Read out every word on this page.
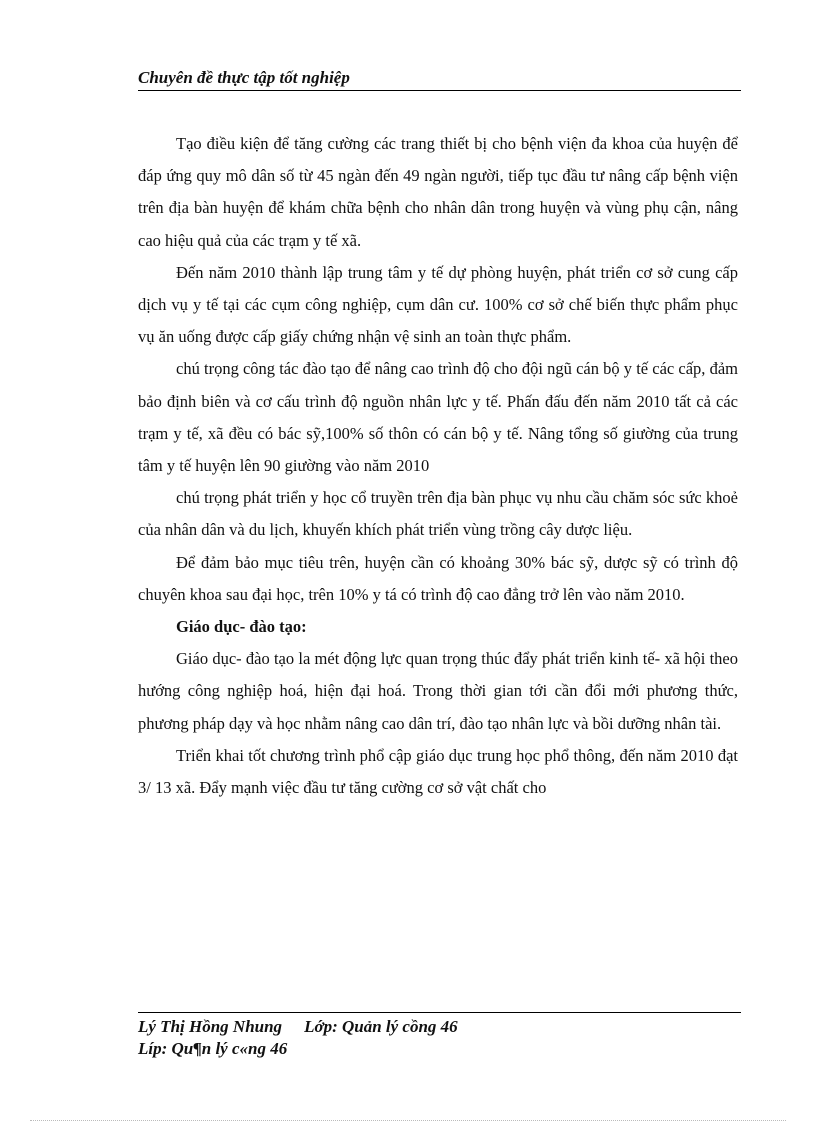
Chuyên đề thực tập tốt nghiệp

Tạo điều kiện để tăng cường các trang thiết bị cho bệnh viện đa khoa của huyện để đáp ứng quy mô dân số từ 45 ngàn đến 49 ngàn người, tiếp tục đầu tư nâng cấp bệnh viện trên địa bàn huyện để khám chữa bệnh cho nhân dân trong huyện và vùng phụ cận, nâng cao hiệu quả của các trạm y tế xã.

Đến năm 2010 thành lập trung tâm y tế dự phòng huyện, phát triển cơ sở cung cấp dịch vụ y tế tại các cụm công nghiệp, cụm dân cư. 100% cơ sở chế biến thực phẩm phục vụ ăn uống được cấp giấy chứng nhận vệ sinh an toàn thực phẩm.

chú trọng công tác đào tạo để nâng cao trình độ cho đội ngũ cán bộ y tế các cấp, đảm bảo định biên và cơ cấu trình độ nguồn nhân lực y tế. Phấn đấu đến năm 2010 tất cả các trạm y tế, xã đều có bác sỹ,100% số thôn có cán bộ y tế. Nâng tổng số giường của trung tâm y tế huyện lên 90 giường vào năm 2010

chú trọng phát triển y học cổ truyền trên địa bàn phục vụ nhu cầu chăm sóc sức khoẻ của nhân dân và du lịch, khuyến khích phát triển vùng trồng cây dược liệu.

Để đảm bảo mục tiêu trên, huyện cần có khoảng 30% bác sỹ, dược sỹ có trình độ chuyên khoa sau đại học, trên 10% y tá có trình độ cao đẳng trở lên vào năm 2010.

Giáo dục- đào tạo:

Giáo dục- đào tạo la mét động lực quan trọng thúc đẩy phát triển kinh tế- xã hội theo hướng công nghiệp hoá, hiện đại hoá. Trong thời gian tới cần đổi mới phương thức, phương pháp dạy và học nhằm nâng cao dân trí, đào tạo nhân lực và bồi dưỡng nhân tài.

Triển khai tốt chương trình phổ cập giáo dục trung học phổ thông, đến năm 2010 đạt 3/ 13 xã. Đẩy mạnh việc đầu tư tăng cường cơ sở vật chất cho

Lý Thị Hồng Nhung Lớp: Quản lý cồng 46
Líp: Qu¶n lý c«ng 46
